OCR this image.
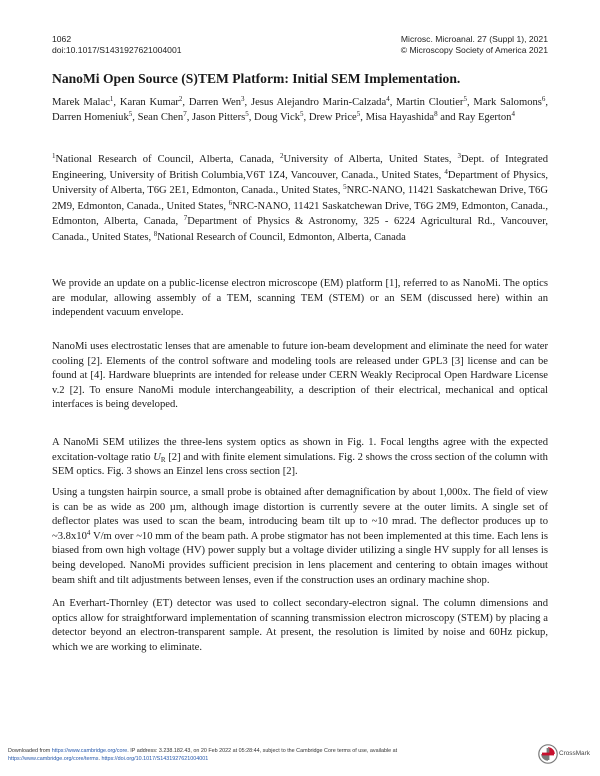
1062
doi:10.1017/S1431927621004001
Microsc. Microanal. 27 (Suppl 1), 2021
© Microscopy Society of America 2021
NanoMi Open Source (S)TEM Platform: Initial SEM Implementation.
Marek Malac$^1$, Karan Kumar$^2$, Darren Wen$^3$, Jesus Alejandro Marin-Calzada$^4$, Martin Cloutier$^5$, Mark Salomons$^6$, Darren Homeniuk$^5$, Sean Chen$^7$, Jason Pitters$^5$, Doug Vick$^5$, Drew Price$^5$, Misa Hayashida$^8$ and Ray Egerton$^4$
$^1$National Research of Council, Alberta, Canada, $^2$University of Alberta, United States, $^3$Dept. of Integrated Engineering, University of British Columbia,V6T 1Z4, Vancouver, Canada., United States, $^4$Department of Physics, University of Alberta, T6G 2E1, Edmonton, Canada., United States, $^5$NRC-NANO, 11421 Saskatchewan Drive, T6G 2M9, Edmonton, Canada., United States, $^6$NRC-NANO, 11421 Saskatchewan Drive, T6G 2M9, Edmonton, Canada., Edmonton, Alberta, Canada, $^7$Department of Physics & Astronomy, 325 - 6224 Agricultural Rd., Vancouver, Canada., United States, $^8$National Research of Council, Edmonton, Alberta, Canada
We provide an update on a public-license electron microscope (EM) platform [1], referred to as NanoMi. The optics are modular, allowing assembly of a TEM, scanning TEM (STEM) or an SEM (discussed here) within an independent vacuum envelope.
NanoMi uses electrostatic lenses that are amenable to future ion-beam development and eliminate the need for water cooling [2]. Elements of the control software and modeling tools are released under GPL3 [3] license and can be found at [4]. Hardware blueprints are intended for release under CERN Weakly Reciprocal Open Hardware License v.2 [2]. To ensure NanoMi module interchangeability, a description of their electrical, mechanical and optical interfaces is being developed.
A NanoMi SEM utilizes the three-lens system optics as shown in Fig. 1. Focal lengths agree with the expected excitation-voltage ratio $U_R$ [2] and with finite element simulations. Fig. 2 shows the cross section of the column with SEM optics. Fig. 3 shows an Einzel lens cross section [2].
Using a tungsten hairpin source, a small probe is obtained after demagnification by about 1,000x. The field of view is can be as wide as 200 µm, although image distortion is currently severe at the outer limits. A single set of deflector plates was used to scan the beam, introducing beam tilt up to ~10 mrad. The deflector produces up to $\sim 3.8x10^4$ V/m over ~10 mm of the beam path. A probe stigmator has not been implemented at this time. Each lens is biased from own high voltage (HV) power supply but a voltage divider utilizing a single HV supply for all lenses is being developed. NanoMi provides sufficient precision in lens placement and centering to obtain images without beam shift and tilt adjustments between lenses, even if the construction uses an ordinary machine shop.
An Everhart-Thornley (ET) detector was used to collect secondary-electron signal. The column dimensions and optics allow for straightforward implementation of scanning transmission electron microscopy (STEM) by placing a detector beyond an electron-transparent sample. At present, the resolution is limited by noise and 60Hz pickup, which we are working to eliminate.
Downloaded from https://www.cambridge.org/core. IP address: 3.238.182.43, on 20 Feb 2022 at 05:28:44, subject to the Cambridge Core terms of use, available at
https://www.cambridge.org/core/terms. https://doi.org/10.1017/S1431927621004001
CrossMark
